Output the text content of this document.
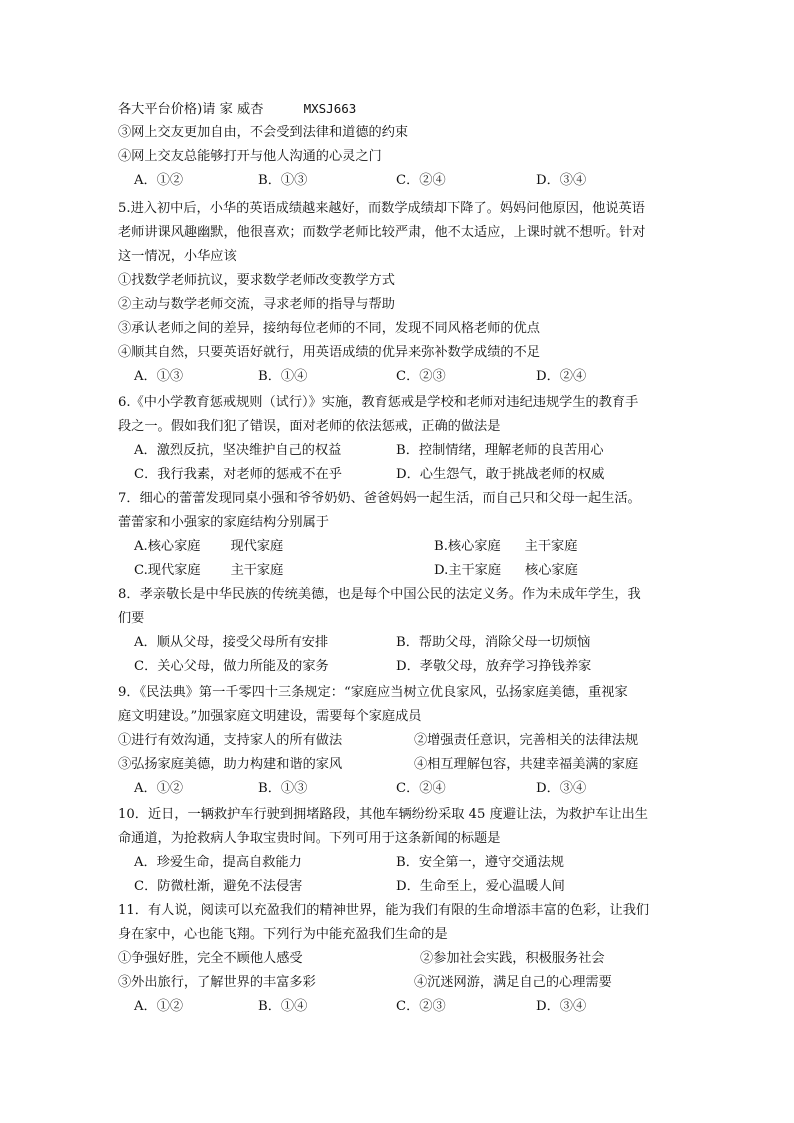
各大平台价格)请 家 威杏	MXSJ663
③网上交友更加自由，不会受到法律和道德的约束
④网上交友总能够打开与他人沟通的心灵之门
A．①②	B．①③	C．②④	D．③④
5.进入初中后，小华的英语成绩越来越好，而数学成绩却下降了。妈妈问他原因，他说英语
老师讲课风趣幽默，他很喜欢；而数学老师比较严肃，他不太适应，上课时就不想听。针对
这一情况，小华应该
①找数学老师抗议，要求数学老师改变教学方式
②主动与数学老师交流，寻求老师的指导与帮助
③承认老师之间的差异，接纳每位老师的不同，发现不同风格老师的优点
④顺其自然，只要英语好就行，用英语成绩的优异来弥补数学成绩的不足
A．①③	B．①④	C．②③	D．②④
6.《中小学教育惩戒规则（试行）》实施，教育惩戒是学校和老师对违纪违规学生的教育手
段之一。假如我们犯了错误，面对老师的依法惩戒，正确的做法是
A．激烈反抗，坚决维护自己的权益	B．控制情绪，理解老师的良苦用心
C．我行我素，对老师的惩戒不在乎	D．心生怨气，敢于挑战老师的权威
7．细心的蕾蕾发现同桌小强和爷爷奶奶、爸爸妈妈一起生活，而自己只和父母一起生活。
蕾蕾家和小强家的家庭结构分别属于
A.核心家庭 现代家庭	B.核心家庭 主干家庭
C.现代家庭 主干家庭	D.主干家庭 核心家庭
8．孝亲敬长是中华民族的传统美德，也是每个中国公民的法定义务。作为未成年学生，我
们要
A．顺从父母，接受父母所有安排	B．帮助父母，消除父母一切烦恼
C．关心父母，做力所能及的家务	D．孝敬父母，放弃学习挣钱养家
9．《民法典》第一千零四十三条规定：“家庭应当树立优良家风，弘扬家庭美德，重视家
庭文明建设。”加强家庭文明建设，需要每个家庭成员
①进行有效沟通，支持家人的所有做法	②增强责任意识，完善相关的法律法规
③弘扬家庭美德，助力构建和谐的家风	④相互理解包容，共建幸福美满的家庭
A．①②	B．①③	C．②④	D．③④
10．近日，一辆救护车行驶到拥堵路段，其他车辆纷纷采取 45 度避让法，为救护车让出生
命通道，为抢救病人争取宝贵时间。下列可用于这条新闻的标题是
A．珍爱生命，提高自救能力	B．安全第一，遵守交通法规
C．防微杜渐，避免不法侵害	D．生命至上，爱心温暖人间
11．有人说，阅读可以充盈我们的精神世界，能为我们有限的生命增添丰富的色彩，让我们
身在家中，心也能飞翔。下列行为中能充盈我们生命的是
①争强好胜，完全不顾他人感受	②参加社会实践，积极服务社会
③外出旅行，了解世界的丰富多彩	④沉迷网游，满足自己的心理需要
A．①②	B．①④	C．②③	D．③④
